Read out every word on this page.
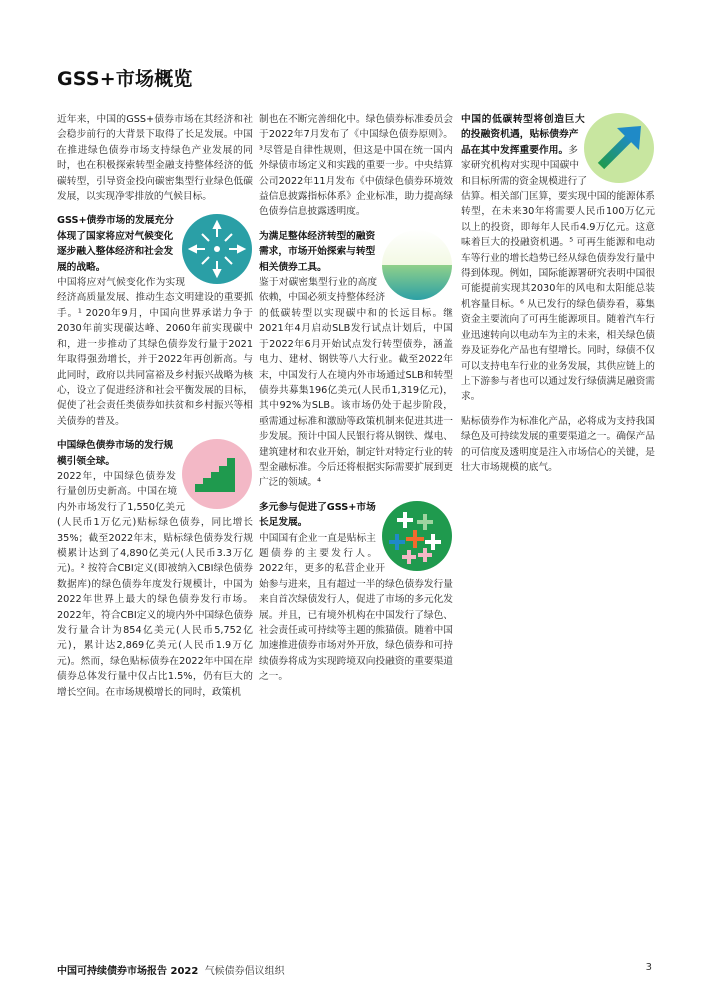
GSS+市场概览

近年来，中国的GSS+债券市场在其经济和社会稳步前行的大背景下取得了长足发展。中国在推进绿色债券市场支持绿色产业发展的同时，也在积极探索转型金融支持整体经济的低碳转型，引导资金投向碳密集型行业绿色低碳发展，以实现净零排放的气候目标。

GSS+债券市场的发展充分体现了国家将应对气候变化逐步融入整体经济和社会发展的战略。

中国将应对气候变化作为实现经济高质量发展、推动生态文明建设的重要抓手。¹ 2020年9月，中国向世界承诺力争于2030年前实现碳达峰、2060年前实现碳中和，进一步推动了其绿色债券发行量于2021年取得强劲增长，并于2022年再创新高。与此同时，政府以共同富裕及乡村振兴战略为核心，设立了促进经济和社会平衡发展的目标，促使了社会责任类债券如扶贫和乡村振兴等相关债券的普及。

中国绿色债券市场的发行规模引领全球。

2022年，中国绿色债券发行量创历史新高。中国在境内外市场发行了1,550亿美元(人民币1万亿元)贴标绿色债券，同比增长35%；截至2022年末，贴标绿色债券发行规模累计达到了4,890亿美元(人民币3.3万亿元)。² 按符合CBI定义(即被纳入CBI绿色债券数据库)的绿色债券年度发行规模计，中国为2022年世界上最大的绿色债券发行市场。2022年，符合CBI定义的境内外中国绿色债券发行量合计为854亿美元(人民币5,752亿元)，累计达2,869亿美元(人民币1.9万亿元)。然而，绿色贴标债券在2022年中国在岸债券总体发行量中仅占比1.5%，仍有巨大的增长空间。在市场规模增长的同时，政策机

制也在不断完善细化中。绿色债券标准委员会于2022年7月发布了《中国绿色债券原则》。³尽管是自律性规则，但这是中国在统一国内外绿债市场定义和实践的重要一步。中央结算公司2022年11月发布《中债绿色债券环境效益信息披露指标体系》企业标准，助力提高绿色债券信息披露透明度。

为满足整体经济转型的融资需求，市场开始探索与转型相关债券工具。

鉴于对碳密集型行业的高度依赖，中国必须支持整体经济的低碳转型以实现碳中和的长远目标。继2021年4月启动SLB发行试点计划后，中国于2022年6月开始试点发行转型债券，涵盖电力、建材、钢铁等八大行业。截至2022年末，中国发行人在境内外市场通过SLB和转型债券共募集196亿美元(人民币1,319亿元)，其中92%为SLB。该市场仍处于起步阶段，亟需通过标准和激励等政策机制来促进其进一步发展。预计中国人民银行将从钢铁、煤电、建筑建材和农业开始，制定针对特定行业的转型金融标准。今后还将根据实际需要扩展到更广泛的领域。⁴

多元参与促进了GSS+市场长足发展。

中国国有企业一直是贴标主题债券的主要发行人。2022年，更多的私营企业开始参与进来，且有超过一半的绿色债券发行量来自首次绿债发行人，促进了市场的多元化发展。并且，已有境外机构在中国发行了绿色、社会责任或可持续等主题的熊猫债。随着中国加速推进债券市场对外开放，绿色债券和可持续债券将成为实现跨境双向投融资的重要渠道之一。

中国的低碳转型将创造巨大的投融资机遇，贴标债券产品在其中发挥重要作用。多家研究机构对实现中国碳中和目标所需的资金规模进行了估算。相关部门匡算，要实现中国的能源体系转型，在未来30年将需要人民币100万亿元以上的投资，即每年人民币4.9万亿元。这意味着巨大的投融资机遇。⁵ 可再生能源和电动车等行业的增长趋势已经从绿色债券发行量中得到体现。例如，国际能源署研究表明中国很可能提前实现其2030年的风电和太阳能总装机容量目标。⁶ 从已发行的绿色债券看，募集资金主要流向了可再生能源项目。随着汽车行业迅速转向以电动车为主的未来，相关绿色债券及证券化产品也有望增长。同时，绿债不仅可以支持电车行业的业务发展，其供应链上的上下游参与者也可以通过发行绿债满足融资需求。

贴标债券作为标准化产品，必将成为支持我国绿色及可持续发展的重要渠道之一。确保产品的可信度及透明度是注入市场信心的关键，是壮大市场规模的底气。

中国可持续债券市场报告 2022 气候债券倡议组织	3
